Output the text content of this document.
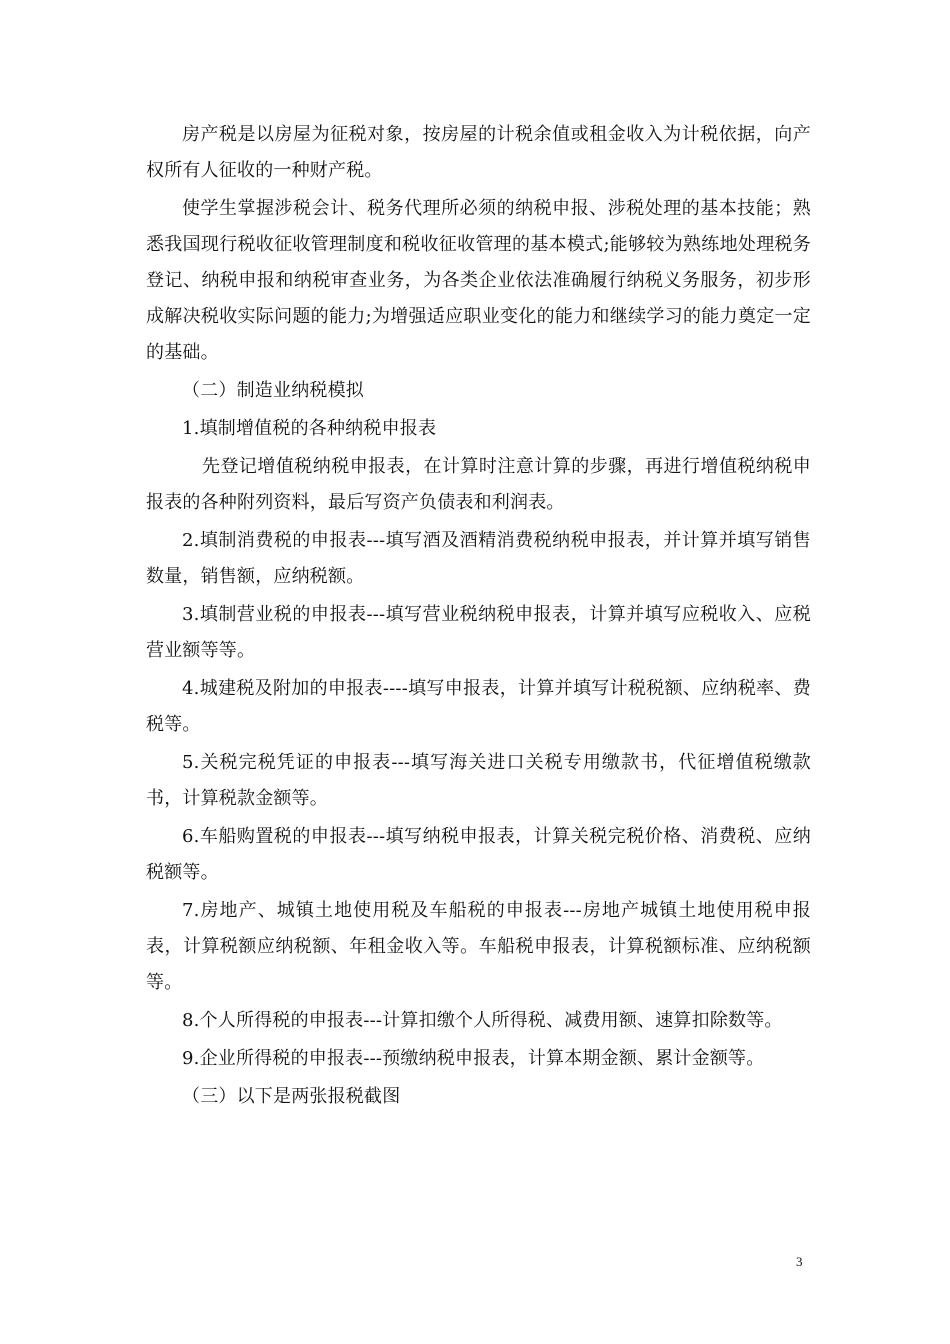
房产税是以房屋为征税对象，按房屋的计税余值或租金收入为计税依据，向产权所有人征收的一种财产税。

使学生掌握涉税会计、税务代理所必须的纳税申报、涉税处理的基本技能；熟悉我国现行税收征收管理制度和税收征收管理的基本模式;能够较为熟练地处理税务登记、纳税申报和纳税审查业务，为各类企业依法准确履行纳税义务服务，初步形成解决税收实际问题的能力;为增强适应职业变化的能力和继续学习的能力奠定一定的基础。

（二）制造业纳税模拟

1.填制增值税的各种纳税申报表

先登记增值税纳税申报表，在计算时注意计算的步骤，再进行增值税纳税申报表的各种附列资料，最后写资产负债表和利润表。

2.填制消费税的申报表---填写酒及酒精消费税纳税申报表，并计算并填写销售数量，销售额，应纳税额。

3.填制营业税的申报表---填写营业税纳税申报表，计算并填写应税收入、应税营业额等等。

4.城建税及附加的申报表----填写申报表，计算并填写计税税额、应纳税率、费税等。

5.关税完税凭证的申报表---填写海关进口关税专用缴款书，代征增值税缴款书，计算税款金额等。

6.车船购置税的申报表---填写纳税申报表，计算关税完税价格、消费税、应纳税额等。

7.房地产、城镇土地使用税及车船税的申报表---房地产城镇土地使用税申报表，计算税额应纳税额、年租金收入等。车船税申报表，计算税额标准、应纳税额等。

8.个人所得税的申报表---计算扣缴个人所得税、减费用额、速算扣除数等。

9.企业所得税的申报表---预缴纳税申报表，计算本期金额、累计金额等。

（三）以下是两张报税截图

3
